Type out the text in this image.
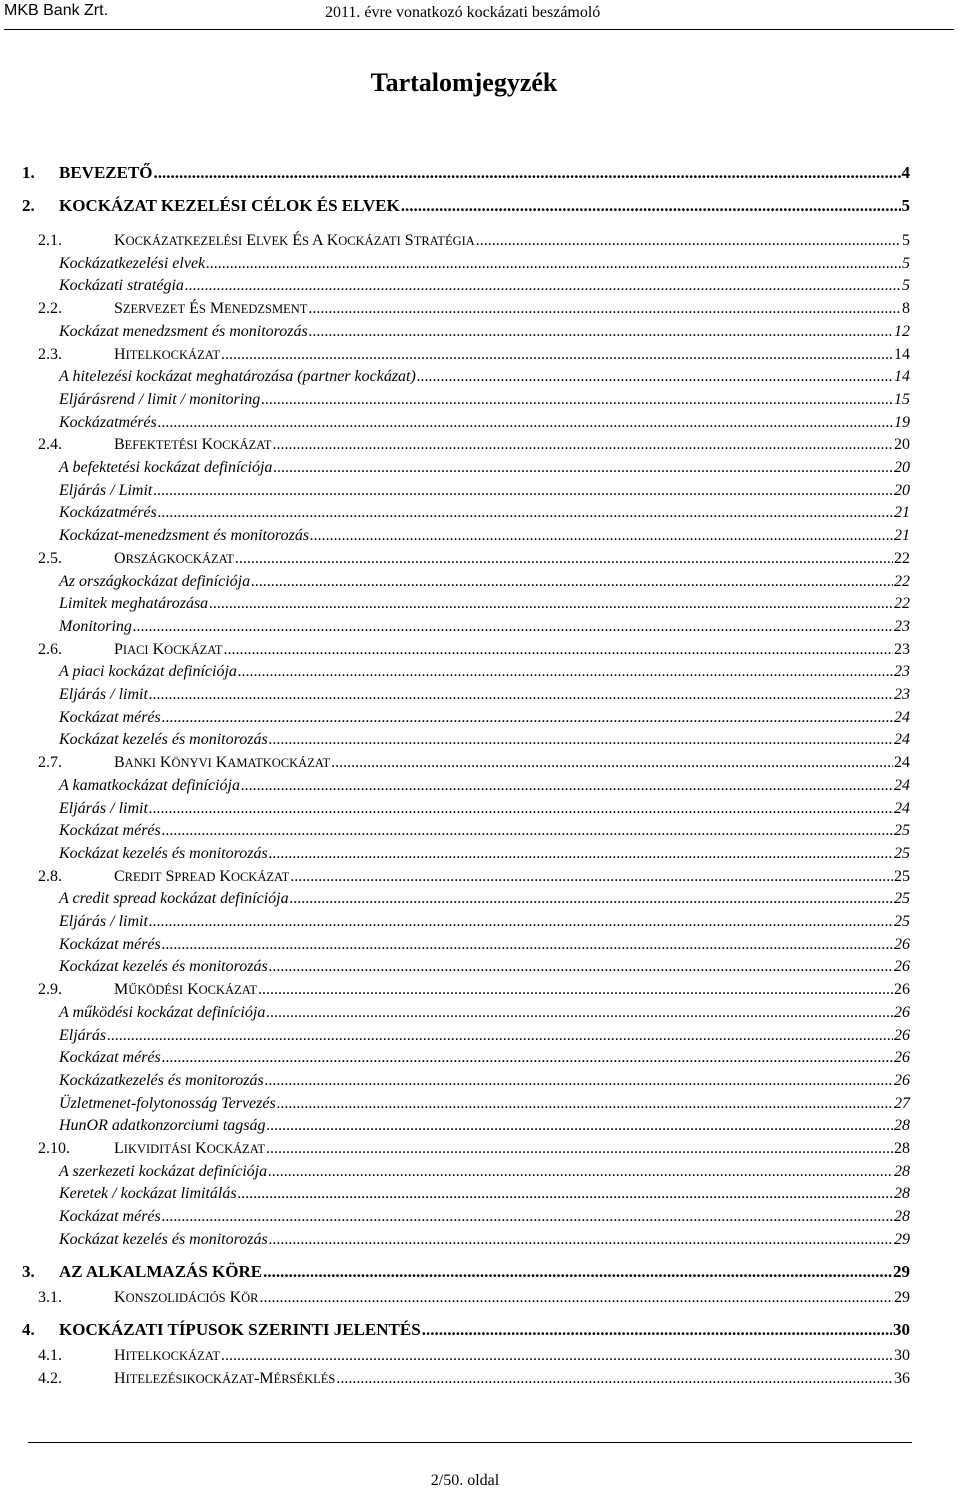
MKB Bank Zrt.	2011. évre vonatkozó kockázati beszámoló
Tartalomjegyzék
1.	BEVEZETŐ .....	4
2.	KOCKÁZAT KEZELÉSI CÉLOK ÉS ELVEK .....	5
2.1.	KOCKÁZATKEZELÉSI ELVEK ÉS A KOCKÁZATI STRATÉGIA .....	5
Kockázatkezelési elvek .....	5
Kockázati stratégia .....	5
2.2.	SZERVEZET ÉS MENEDZSMENT .....	8
Kockázat menedzsment és monitorozás .....	12
2.3.	HITELKOCKÁZAT .....	14
A hitelezési kockázat meghatározása (partner kockázat) .....	14
Eljárásrend / limit / monitoring .....	15
Kockázatmérés .....	19
2.4.	BEFEKTETÉSI KOCKÁZAT .....	20
A befektetési kockázat definíciója .....	20
Eljárás / Limit .....	20
Kockázatmérés .....	21
Kockázat-menedzsment és monitorozás .....	21
2.5.	ORSZÁGKOCKÁZAT .....	22
Az országkockázat definíciója .....	22
Limitek meghatározása .....	22
Monitoring .....	23
2.6.	PIACI KOCKÁZAT .....	23
A piaci kockázat definíciója .....	23
Eljárás / limit .....	23
Kockázat mérés .....	24
Kockázat kezelés és monitorozás .....	24
2.7.	BANKI KÖNYVI KAMATKOCKÁZAT .....	24
A kamatkockázat definíciója .....	24
Eljárás / limit .....	24
Kockázat mérés .....	25
Kockázat kezelés és monitorozás .....	25
2.8.	CREDIT SPREAD KOCKÁZAT .....	25
A credit spread kockázat definíciója .....	25
Eljárás / limit .....	25
Kockázat mérés .....	26
Kockázat kezelés és monitorozás .....	26
2.9.	MŰKÖDÉSI KOCKÁZAT .....	26
A működési kockázat definíciója .....	26
Eljárás .....	26
Kockázat mérés .....	26
Kockázatkezelés és monitorozás .....	26
Üzletmenet-folytonosság Tervezés .....	27
HunOR adatkonzorciumi tagság .....	28
2.10.	LIKVIDITÁSI KOCKÁZAT .....	28
A szerkezeti kockázat definíciója .....	28
Keretek / kockázat limitálás .....	28
Kockázat mérés .....	28
Kockázat kezelés és monitorozás .....	29
3.	AZ ALKALMAZÁS KÖRE .....	29
3.1.	KONSZOLIDÁCIÓS KÖR .....	29
4.	KOCKÁZATI TÍPUSOK SZERINTI JELENTÉS .....	30
4.1.	HITELKOCKÁZAT .....	30
4.2.	HITELEZÉSIKOCKÁZAT-MÉRSÉKLÉS .....	36
2/50. oldal
